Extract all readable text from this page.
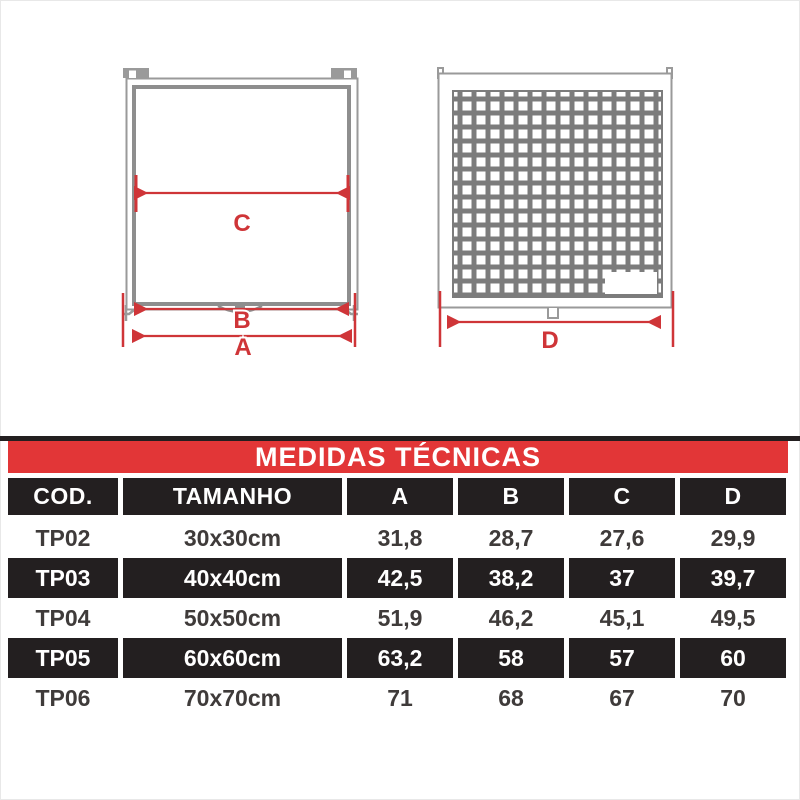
C
B
A	D
MEDIDAS TÉCNICAS
COD.	TAMANHO	A	B	C	D
TP02	30x30cm	31,8	28,7	27,6	29,9
TP03	40x40cm	42,5	38,2	37	39,7
TP04	50x50cm	51,9	46,2	45,1	49,5
TP05	60x60cm	63,2	58	57	60
TP06	70x70cm	71	68	67	70
